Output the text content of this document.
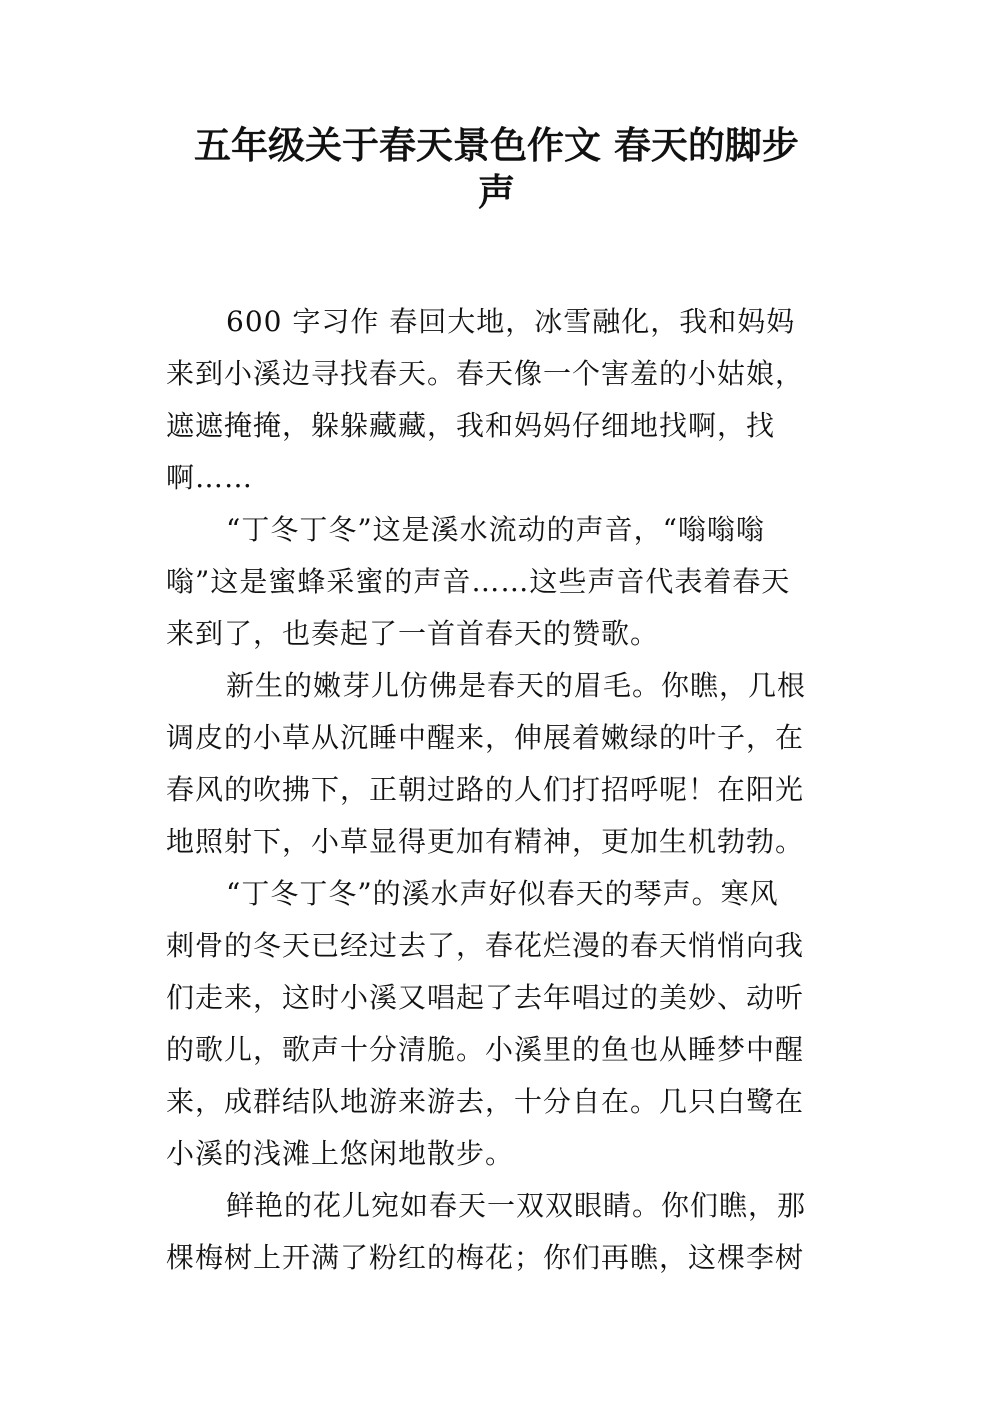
五年级关于春天景色作文 春天的脚步
声
600 字习作 春回大地，冰雪融化，我和妈妈
来到小溪边寻找春天。春天像一个害羞的小姑娘，
遮遮掩掩，躲躲藏藏，我和妈妈仔细地找啊，找
啊……
“丁冬丁冬”这是溪水流动的声音，“嗡嗡嗡
嗡”这是蜜蜂采蜜的声音……这些声音代表着春天
来到了，也奏起了一首首春天的赞歌。
新生的嫩芽儿仿佛是春天的眉毛。你瞧，几根
调皮的小草从沉睡中醒来，伸展着嫩绿的叶子，在
春风的吹拂下，正朝过路的人们打招呼呢！在阳光
地照射下，小草显得更加有精神，更加生机勃勃。
“丁冬丁冬”的溪水声好似春天的琴声。寒风
刺骨的冬天已经过去了，春花烂漫的春天悄悄向我
们走来，这时小溪又唱起了去年唱过的美妙、动听
的歌儿，歌声十分清脆。小溪里的鱼也从睡梦中醒
来，成群结队地游来游去，十分自在。几只白鹭在
小溪的浅滩上悠闲地散步。
鲜艳的花儿宛如春天一双双眼睛。你们瞧，那
棵梅树上开满了粉红的梅花；你们再瞧，这棵李树
